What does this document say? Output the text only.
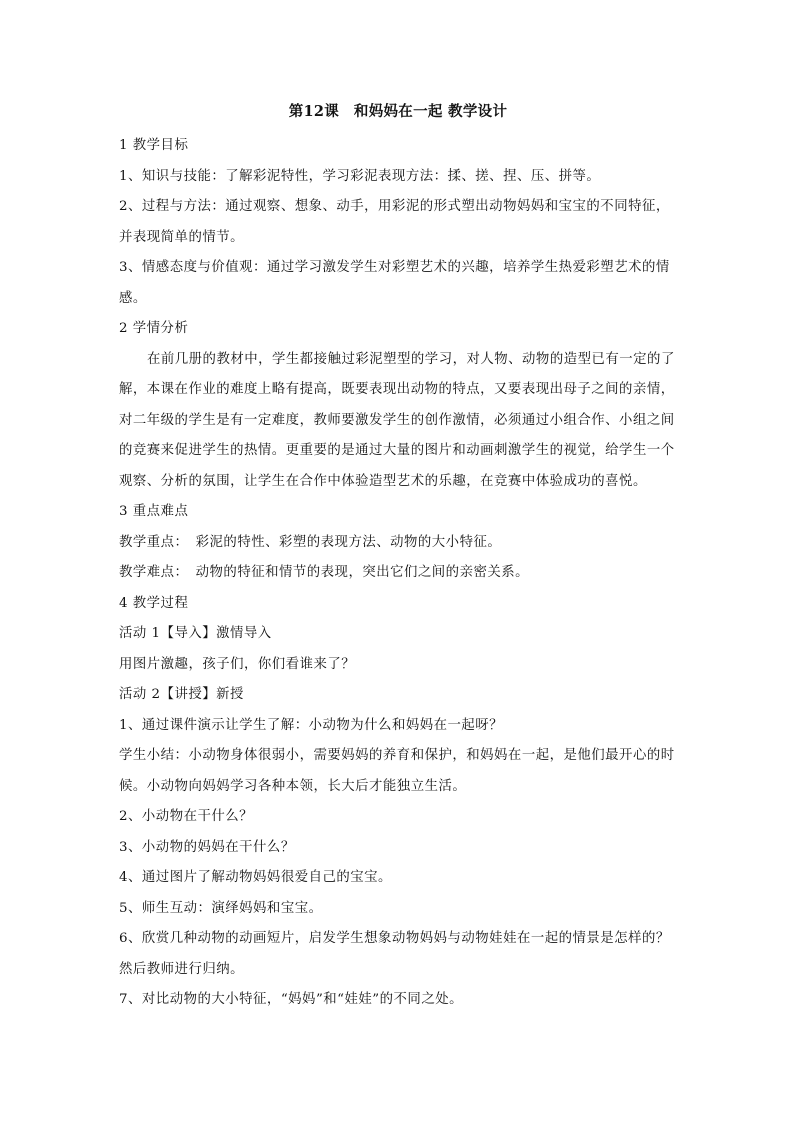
第12课　和妈妈在一起 教学设计

1 教学目标

1、知识与技能：了解彩泥特性，学习彩泥表现方法：揉、搓、捏、压、拼等。

2、过程与方法：通过观察、想象、动手，用彩泥的形式塑出动物妈妈和宝宝的不同特征，

并表现简单的情节。

3、情感态度与价值观：通过学习激发学生对彩塑艺术的兴趣，培养学生热爱彩塑艺术的情

感。

2 学情分析

在前几册的教材中，学生都接触过彩泥塑型的学习，对人物、动物的造型已有一定的了

解，本课在作业的难度上略有提高，既要表现出动物的特点，又要表现出母子之间的亲情，

对二年级的学生是有一定难度，教师要激发学生的创作激情，必须通过小组合作、小组之间

的竞赛来促进学生的热情。更重要的是通过大量的图片和动画刺激学生的视觉，给学生一个

观察、分析的氛围，让学生在合作中体验造型艺术的乐趣，在竞赛中体验成功的喜悦。

3 重点难点

教学重点：　彩泥的特性、彩塑的表现方法、动物的大小特征。

教学难点：　动物的特征和情节的表现，突出它们之间的亲密关系。

4 教学过程

活动 1【导入】激情导入

用图片激趣，孩子们，你们看谁来了？

活动 2【讲授】新授

1、通过课件演示让学生了解：小动物为什么和妈妈在一起呀？

学生小结：小动物身体很弱小，需要妈妈的养育和保护，和妈妈在一起，是他们最开心的时

候。小动物向妈妈学习各种本领，长大后才能独立生活。

2、小动物在干什么？

3、小动物的妈妈在干什么？

4、通过图片了解动物妈妈很爱自己的宝宝。

5、师生互动：演绎妈妈和宝宝。

6、欣赏几种动物的动画短片，启发学生想象动物妈妈与动物娃娃在一起的情景是怎样的？

然后教师进行归纳。

7、对比动物的大小特征，“妈妈”和“娃娃”的不同之处。
